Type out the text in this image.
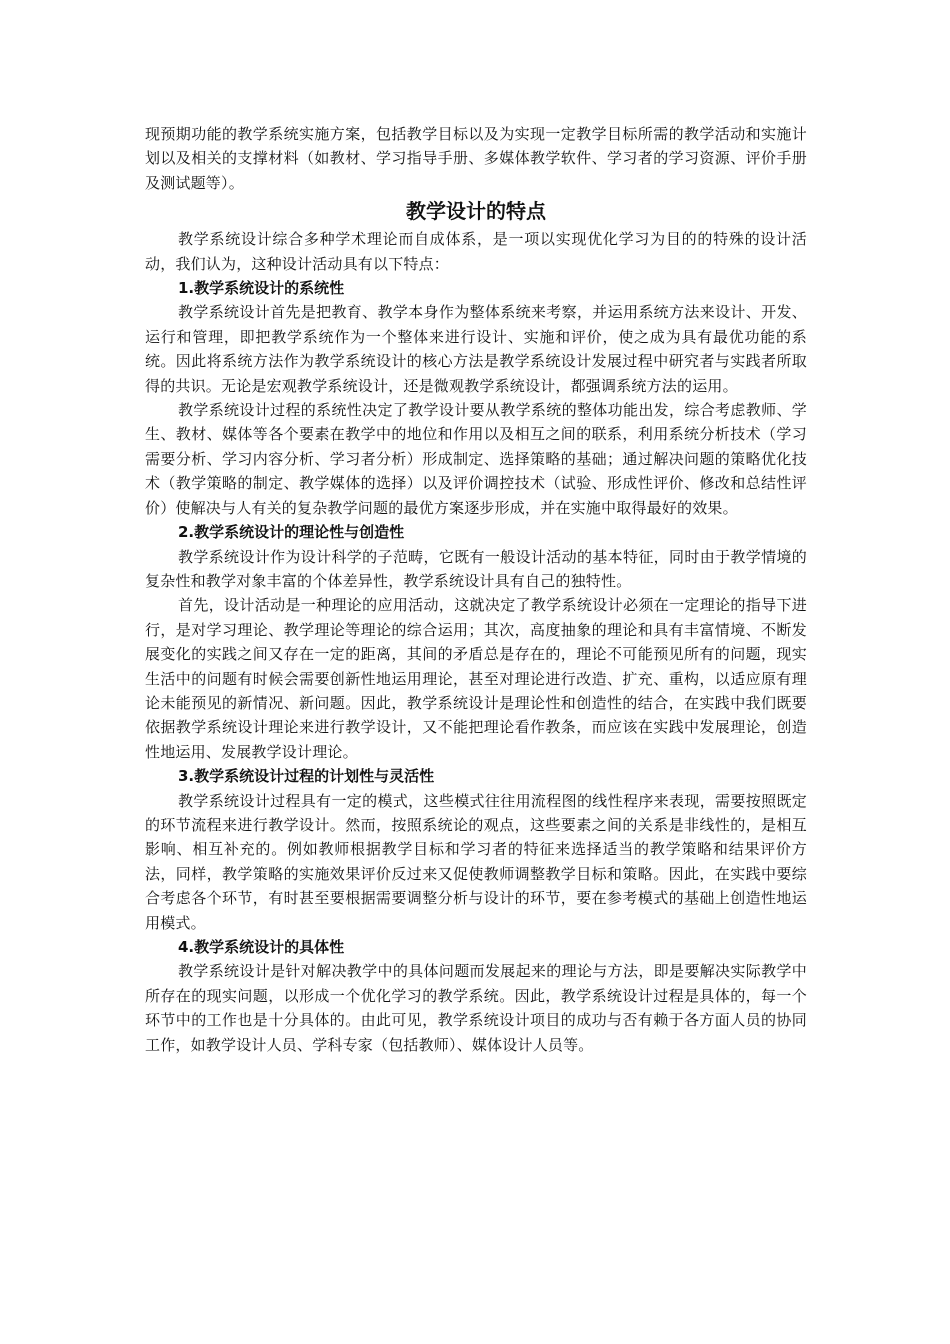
现预期功能的教学系统实施方案，包括教学目标以及为实现一定教学目标所需的教学活动和实施计划以及相关的支撑材料（如教材、学习指导手册、多媒体教学软件、学习者的学习资源、评价手册及测试题等）。

教学设计的特点

教学系统设计综合多种学术理论而自成体系，是一项以实现优化学习为目的的特殊的设计活动，我们认为，这种设计活动具有以下特点：

1.教学系统设计的系统性

教学系统设计首先是把教育、教学本身作为整体系统来考察，并运用系统方法来设计、开发、运行和管理，即把教学系统作为一个整体来进行设计、实施和评价，使之成为具有最优功能的系统。因此将系统方法作为教学系统设计的核心方法是教学系统设计发展过程中研究者与实践者所取得的共识。无论是宏观教学系统设计，还是微观教学系统设计，都强调系统方法的运用。

教学系统设计过程的系统性决定了教学设计要从教学系统的整体功能出发，综合考虑教师、学生、教材、媒体等各个要素在教学中的地位和作用以及相互之间的联系，利用系统分析技术（学习需要分析、学习内容分析、学习者分析）形成制定、选择策略的基础；通过解决问题的策略优化技术（教学策略的制定、教学媒体的选择）以及评价调控技术（试验、形成性评价、修改和总结性评价）使解决与人有关的复杂教学问题的最优方案逐步形成，并在实施中取得最好的效果。

2.教学系统设计的理论性与创造性

教学系统设计作为设计科学的子范畴，它既有一般设计活动的基本特征，同时由于教学情境的复杂性和教学对象丰富的个体差异性，教学系统设计具有自己的独特性。

首先，设计活动是一种理论的应用活动，这就决定了教学系统设计必须在一定理论的指导下进行，是对学习理论、教学理论等理论的综合运用；其次，高度抽象的理论和具有丰富情境、不断发展变化的实践之间又存在一定的距离，其间的矛盾总是存在的，理论不可能预见所有的问题，现实生活中的问题有时候会需要创新性地运用理论，甚至对理论进行改造、扩充、重构，以适应原有理论未能预见的新情况、新问题。因此，教学系统设计是理论性和创造性的结合，在实践中我们既要依据教学系统设计理论来进行教学设计，又不能把理论看作教条，而应该在实践中发展理论，创造性地运用、发展教学设计理论。

3.教学系统设计过程的计划性与灵活性

教学系统设计过程具有一定的模式，这些模式往往用流程图的线性程序来表现，需要按照既定的环节流程来进行教学设计。然而，按照系统论的观点，这些要素之间的关系是非线性的，是相互影响、相互补充的。例如教师根据教学目标和学习者的特征来选择适当的教学策略和结果评价方法，同样，教学策略的实施效果评价反过来又促使教师调整教学目标和策略。因此，在实践中要综合考虑各个环节，有时甚至要根据需要调整分析与设计的环节，要在参考模式的基础上创造性地运用模式。

4.教学系统设计的具体性

教学系统设计是针对解决教学中的具体问题而发展起来的理论与方法，即是要解决实际教学中所存在的现实问题，以形成一个优化学习的教学系统。因此，教学系统设计过程是具体的，每一个环节中的工作也是十分具体的。由此可见，教学系统设计项目的成功与否有赖于各方面人员的协同工作，如教学设计人员、学科专家（包括教师）、媒体设计人员等。
